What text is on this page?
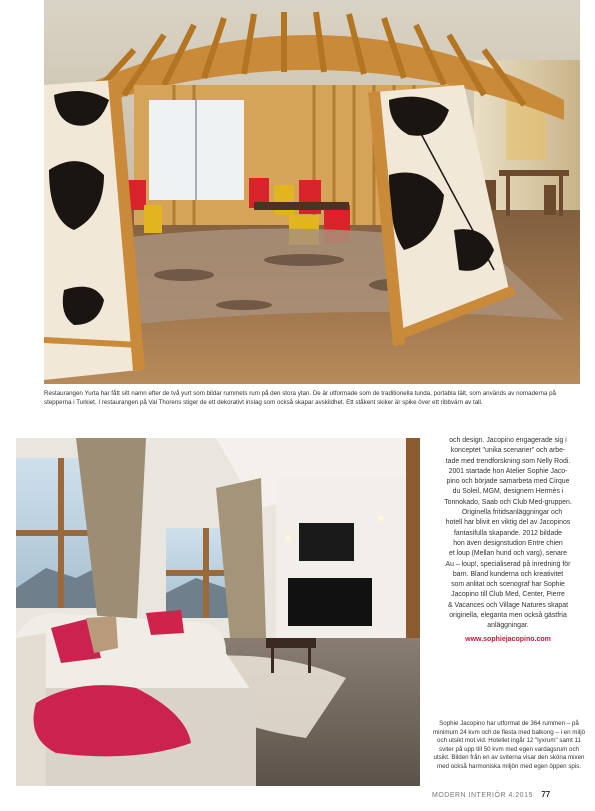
Restaurangen Yurta har fått sitt namn efter de två yurt som bildar rummets rum på den stora ytan. De är utformade som de traditionella tunda, portabla tält, som används av nomaderna på stepperna i Turkiet. I restaurangen på Val Thorens stiger de ett dekorativt inslag som också skapar avskildhet. Ett ståkent skiker är spike över ett ribbvärn av tall.

och design. Jacopino engagerade sig i

konceptet "unika scenarier" och arbe-

tade med trendforskning som Nelly Rodi.

2001 startade hon Atelier Sophie Jaco-

pino och började samarbeta med Cirque

du Soleil, MGM, designern Hermès i

Tonnokado, Saab och Club Med-gruppen.

Originella fritidsanläggningar och

hotell har blivit en viktig del av Jacopinos

fantasifulla skapande. 2012 bildade

hon även designstudion Entre chien

et loup (Mellan hund och varg), senare

Au – loup!, specialiserad på inredning för

barn. Bland kunderna och kreativitet

som anlitat och scenograf har Sophie

Jacopino till Club Med, Center, Pierre

& Vacances och Village Natures skapat

originella, eleganta men också gästfria

anläggningar.

www.sophiejacopino.com

Sophie Jacopino har utformat de 364 rummen – på minimum 24 kvm och de flesta med balkong – i en miljö och utsikt mot vid. Hotellet ingår 12 "lyxrum" samt 11 sviter på upp till 50 kvm med egen vardagsrum och utsikt. Bilden från en av sviterna visar den sköna mixen med också harmoniska miljön med egen öppen spis.
MODERN INTERIÖR 4.2015 77
